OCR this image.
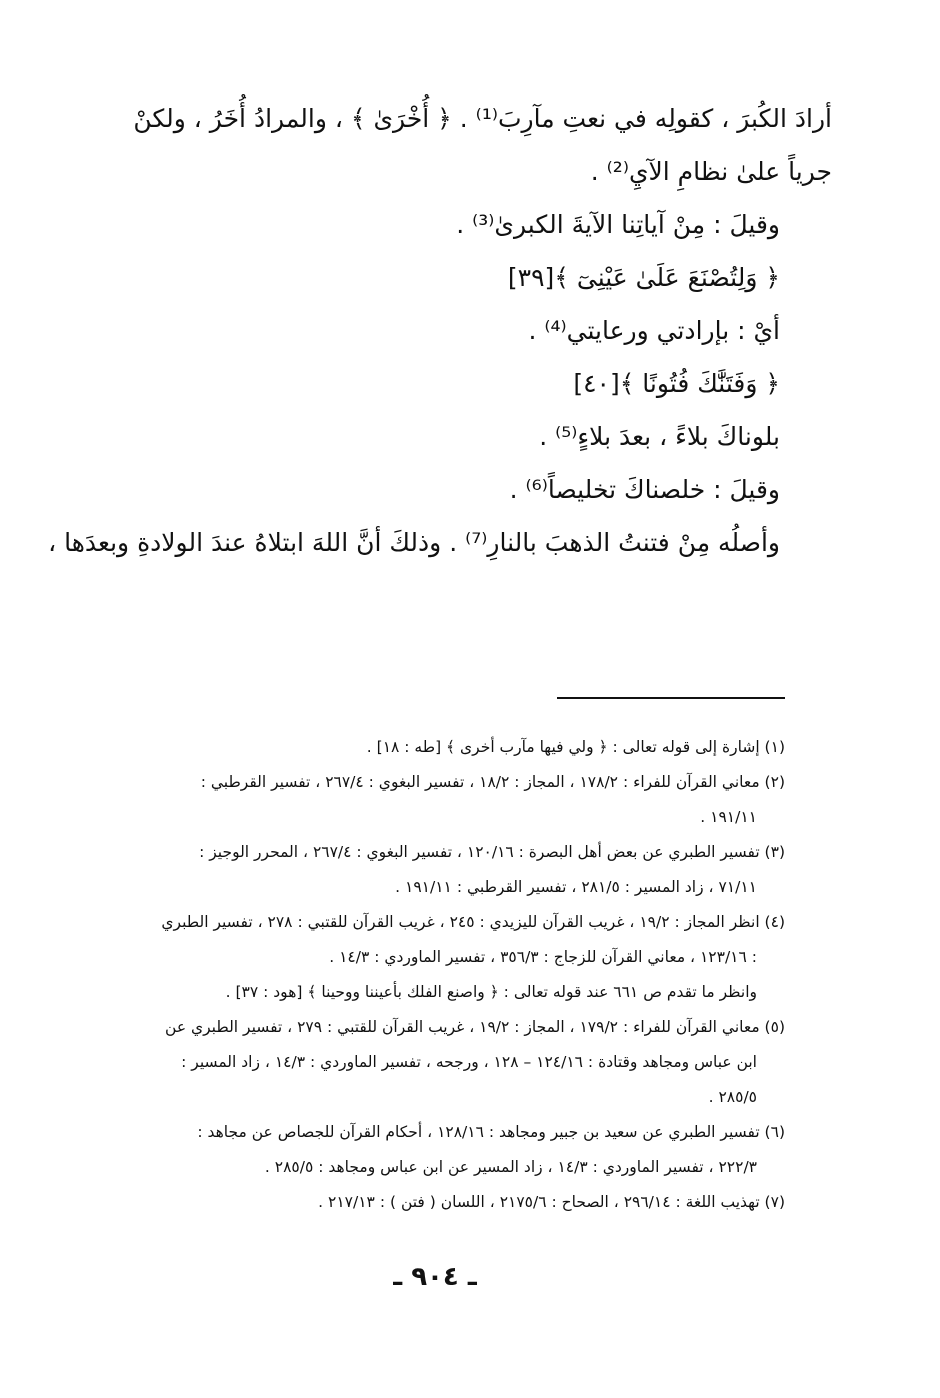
أرادَ الكُبرَ ، كقولِه في نعتِ مآرِبَ⁽¹⁾ . ﴿ أُخْرَىٰ ﴾ ، والمرادُ أُخَرُ ، ولكنْ
جرياً علىٰ نظامِ الآيِ⁽²⁾ .
وقيلَ : مِنْ آياتِنا الآيةَ الكبرىٰ⁽³⁾ .
﴿ وَلِتُصْنَعَ عَلَىٰ عَيْنِىٓ ﴾[٣٩]
أيْ : بإرادتي ورعايتي⁽⁴⁾ .
﴿ وَفَتَنَّٰكَ فُتُونًا ﴾[٤٠]
بلوناكَ بلاءً ، بعدَ بلاءٍ⁽⁵⁾ .
وقيلَ : خلصناكَ تخليصاً⁽⁶⁾ .
وأصلُه مِنْ فتنتُ الذهبَ بالنارِ⁽⁷⁾ . وذلكَ أنَّ اللهَ ابتلاهُ عندَ الولادةِ وبعدَها ،
(١) إشارة إلى قوله تعالى : ﴿ ولي فيها مآرب أخرى ﴾ [طه : ١٨] .
(٢) معاني القرآن للفراء : ١٧٨/٢ ، المجاز : ١٨/٢ ، تفسير البغوي : ٢٦٧/٤ ، تفسير القرطبي :
١٩١/١١ .
(٣) تفسير الطبري عن بعض أهل البصرة : ١٢٠/١٦ ، تفسير البغوي : ٢٦٧/٤ ، المحرر الوجيز :
٧١/١١ ، زاد المسير : ٢٨١/٥ ، تفسير القرطبي : ١٩١/١١ .
(٤) انظر المجاز : ١٩/٢ ، غريب القرآن لليزيدي : ٢٤٥ ، غريب القرآن للقتبي : ٢٧٨ ، تفسير الطبري
: ١٢٣/١٦ ، معاني القرآن للزجاج : ٣٥٦/٣ ، تفسير الماوردي : ١٤/٣ .
وانظر ما تقدم ص ٦٦١ عند قوله تعالى : ﴿ واصنع الفلك بأعيننا ووحينا ﴾ [هود : ٣٧] .
(٥) معاني القرآن للفراء : ١٧٩/٢ ، المجاز : ١٩/٢ ، غريب القرآن للقتبي : ٢٧٩ ، تفسير الطبري عن
ابن عباس ومجاهد وقتادة : ١٢٤/١٦ – ١٢٨ ، ورجحه ، تفسير الماوردي : ١٤/٣ ، زاد المسير :
٢٨٥/٥ .
(٦) تفسير الطبري عن سعيد بن جبير ومجاهد : ١٢٨/١٦ ، أحكام القرآن للجصاص عن مجاهد :
٢٢٢/٣ ، تفسير الماوردي : ١٤/٣ ، زاد المسير عن ابن عباس ومجاهد : ٢٨٥/٥ .
(٧) تهذيب اللغة : ٢٩٦/١٤ ، الصحاح : ٢١٧٥/٦ ، اللسان ( فتن ) : ٢١٧/١٣ .
ـ ٩٠٤ ـ
